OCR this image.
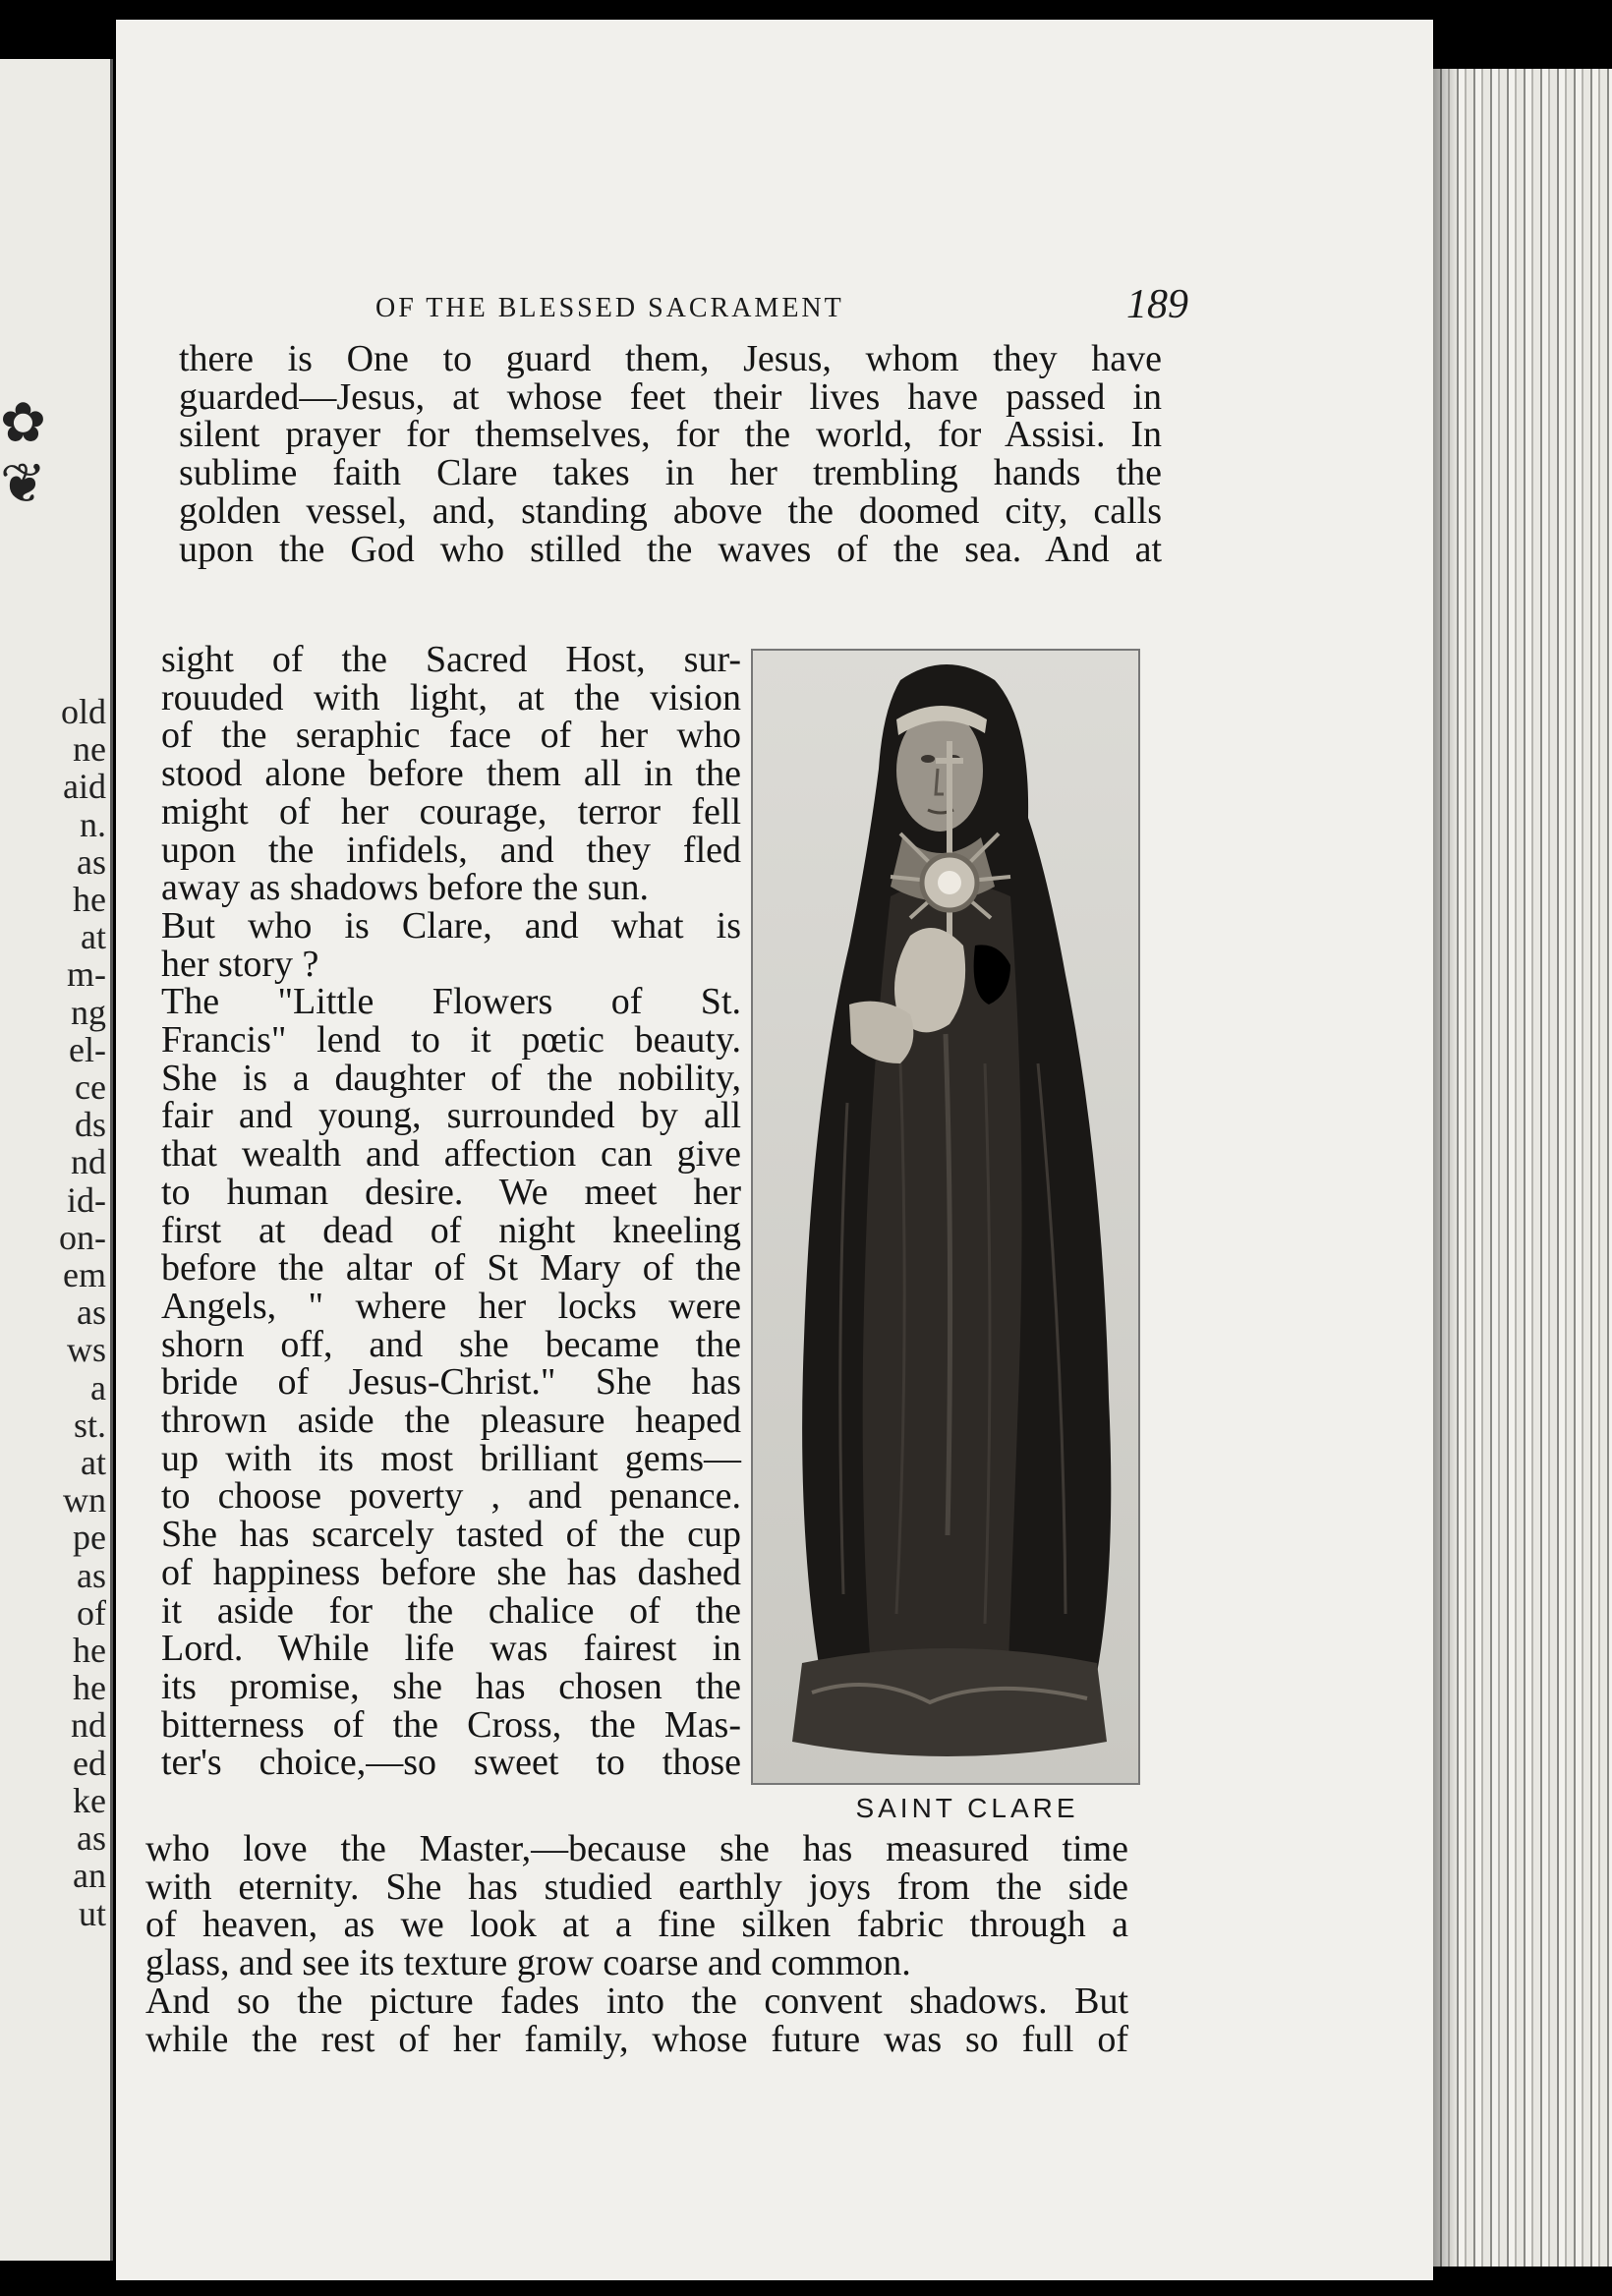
✿
❦
old
ne
aid
n.
as
he
at
m-
ng
el-
ce
ds
nd
id-
on-
em
as
ws
a
st.
at
wn
pe
as
of
he
he
nd
ed
ke
as
an
ut
OF THE BLESSED SACRAMENT	189
there is One to guard them, Jesus, whom they have
guarded—Jesus, at whose feet their lives have passed in
silent prayer for themselves, for the world, for Assisi. In
sublime faith Clare takes in her trembling hands the
golden vessel, and, standing above the doomed city, calls
upon the God who stilled the waves of the sea. And at
sight of the Sacred Host, sur-
rouuded with light, at the vision
of the seraphic face of her who
stood alone before them all in the
might of her courage, terror fell
upon the infidels, and they fled
away as shadows before the sun.
But who is Clare, and what is
her story ?
The "Little Flowers of St.
Francis" lend to it pœtic beauty.
She is a daughter of the nobility,
fair and young, surrounded by all
that wealth and affection can give
to human desire. We meet her
first at dead of night kneeling
before the altar of St Mary of the
Angels, " where her locks were
shorn off, and she became the
bride of Jesus-Christ." She has
thrown aside the pleasure heaped
up with its most brilliant gems—
to choose poverty , and penance.
She has scarcely tasted of the cup
of happiness before she has dashed
it aside for the chalice of the
Lord. While life was fairest in
its promise, she has chosen the
bitterness of the Cross, the Mas-
ter's choice,—so sweet to those
SAINT CLARE
who love the Master,—because she has measured time
with eternity. She has studied earthly joys from the side
of heaven, as we look at a fine silken fabric through a
glass, and see its texture grow coarse and common.
And so the picture fades into the convent shadows. But
while the rest of her family, whose future was so full of
